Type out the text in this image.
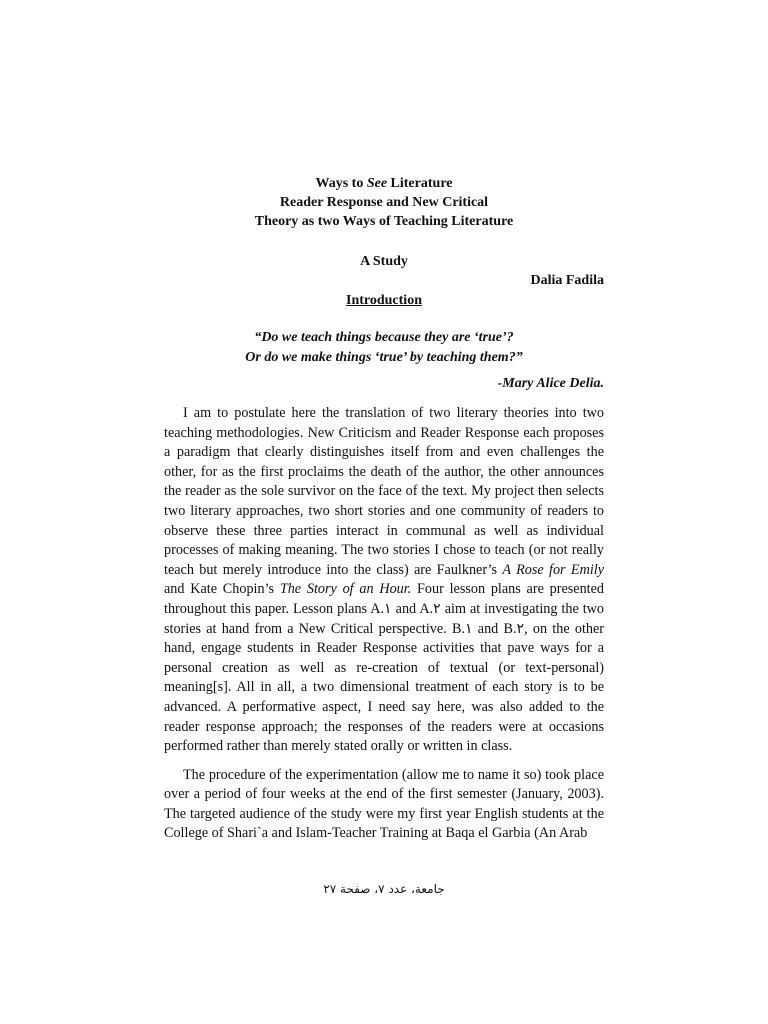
Ways to See Literature
Reader Response and New Critical
Theory as two Ways of Teaching Literature
A Study
Dalia Fadila
Introduction
“Do we teach things because they are ‘true’?
Or do we make things ‘true’ by teaching them?”
-Mary Alice Delia.

I am to postulate here the translation of two literary theories into two teaching methodologies. New Criticism and Reader Response each proposes a paradigm that clearly distinguishes itself from and even challenges the other, for as the first proclaims the death of the author, the other announces the reader as the sole survivor on the face of the text. My project then selects two literary approaches, two short stories and one community of readers to observe these three parties interact in communal as well as individual processes of making meaning. The two stories I chose to teach (or not really teach but merely introduce into the class) are Faulkner’s A Rose for Emily and Kate Chopin’s The Story of an Hour. Four lesson plans are presented throughout this paper. Lesson plans A.١ and A.٢ aim at investigating the two stories at hand from a New Critical perspective. B.١ and B.٢, on the other hand, engage students in Reader Response activities that pave ways for a personal creation as well as re-creation of textual (or text-personal) meaning[s]. All in all, a two dimensional treatment of each story is to be advanced. A performative aspect, I need say here, was also added to the reader response approach; the responses of the readers were at occasions performed rather than merely stated orally or written in class.

The procedure of the experimentation (allow me to name it so) took place over a period of four weeks at the end of the first semester (January, 2003). The targeted audience of the study were my first year English students at the College of Shari`a and Islam-Teacher Training at Baqa el Garbia (An Arab

جامعة، عدد ٧، صفحة ٢٧
